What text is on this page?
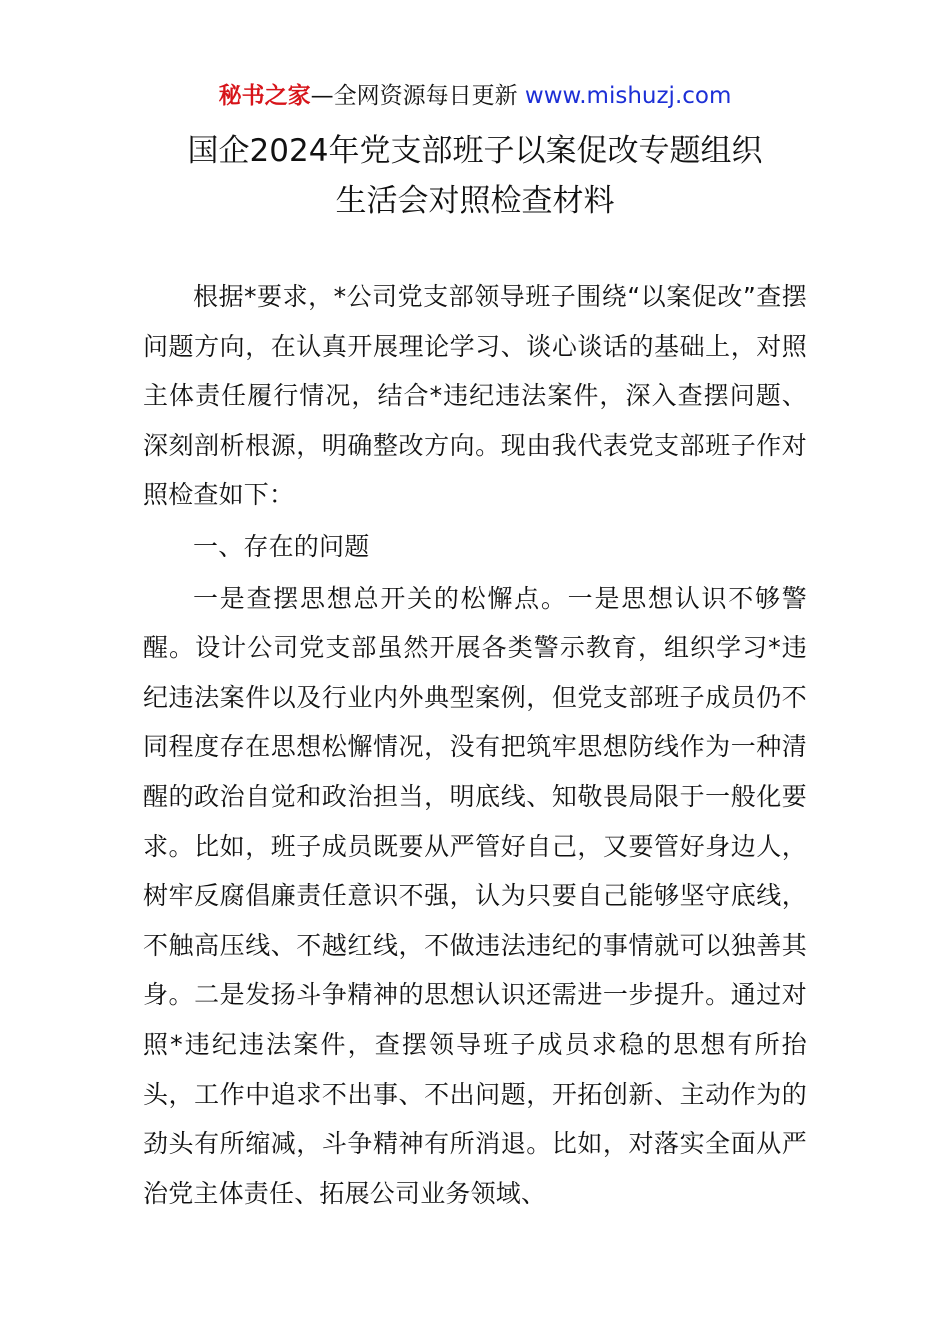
秘书之家—全网资源每日更新 www.mishuzj.com
国企2024年党支部班子以案促改专题组织
生活会对照检查材料

根据*要求，*公司党支部领导班子围绕“以案促改”查摆问题方向，在认真开展理论学习、谈心谈话的基础上，对照主体责任履行情况，结合*违纪违法案件，深入查摆问题、深刻剖析根源，明确整改方向。现由我代表党支部班子作对照检查如下：

一、存在的问题

一是查摆思想总开关的松懈点。一是思想认识不够警醒。设计公司党支部虽然开展各类警示教育，组织学习*违纪违法案件以及行业内外典型案例，但党支部班子成员仍不同程度存在思想松懈情况，没有把筑牢思想防线作为一种清醒的政治自觉和政治担当，明底线、知敬畏局限于一般化要求。比如，班子成员既要从严管好自己，又要管好身边人，树牢反腐倡廉责任意识不强，认为只要自己能够坚守底线，不触高压线、不越红线，不做违法违纪的事情就可以独善其身。二是发扬斗争精神的思想认识还需进一步提升。通过对照*违纪违法案件，查摆领导班子成员求稳的思想有所抬头，工作中追求不出事、不出问题，开拓创新、主动作为的劲头有所缩减，斗争精神有所消退。比如，对落实全面从严治党主体责任、拓展公司业务领域、
